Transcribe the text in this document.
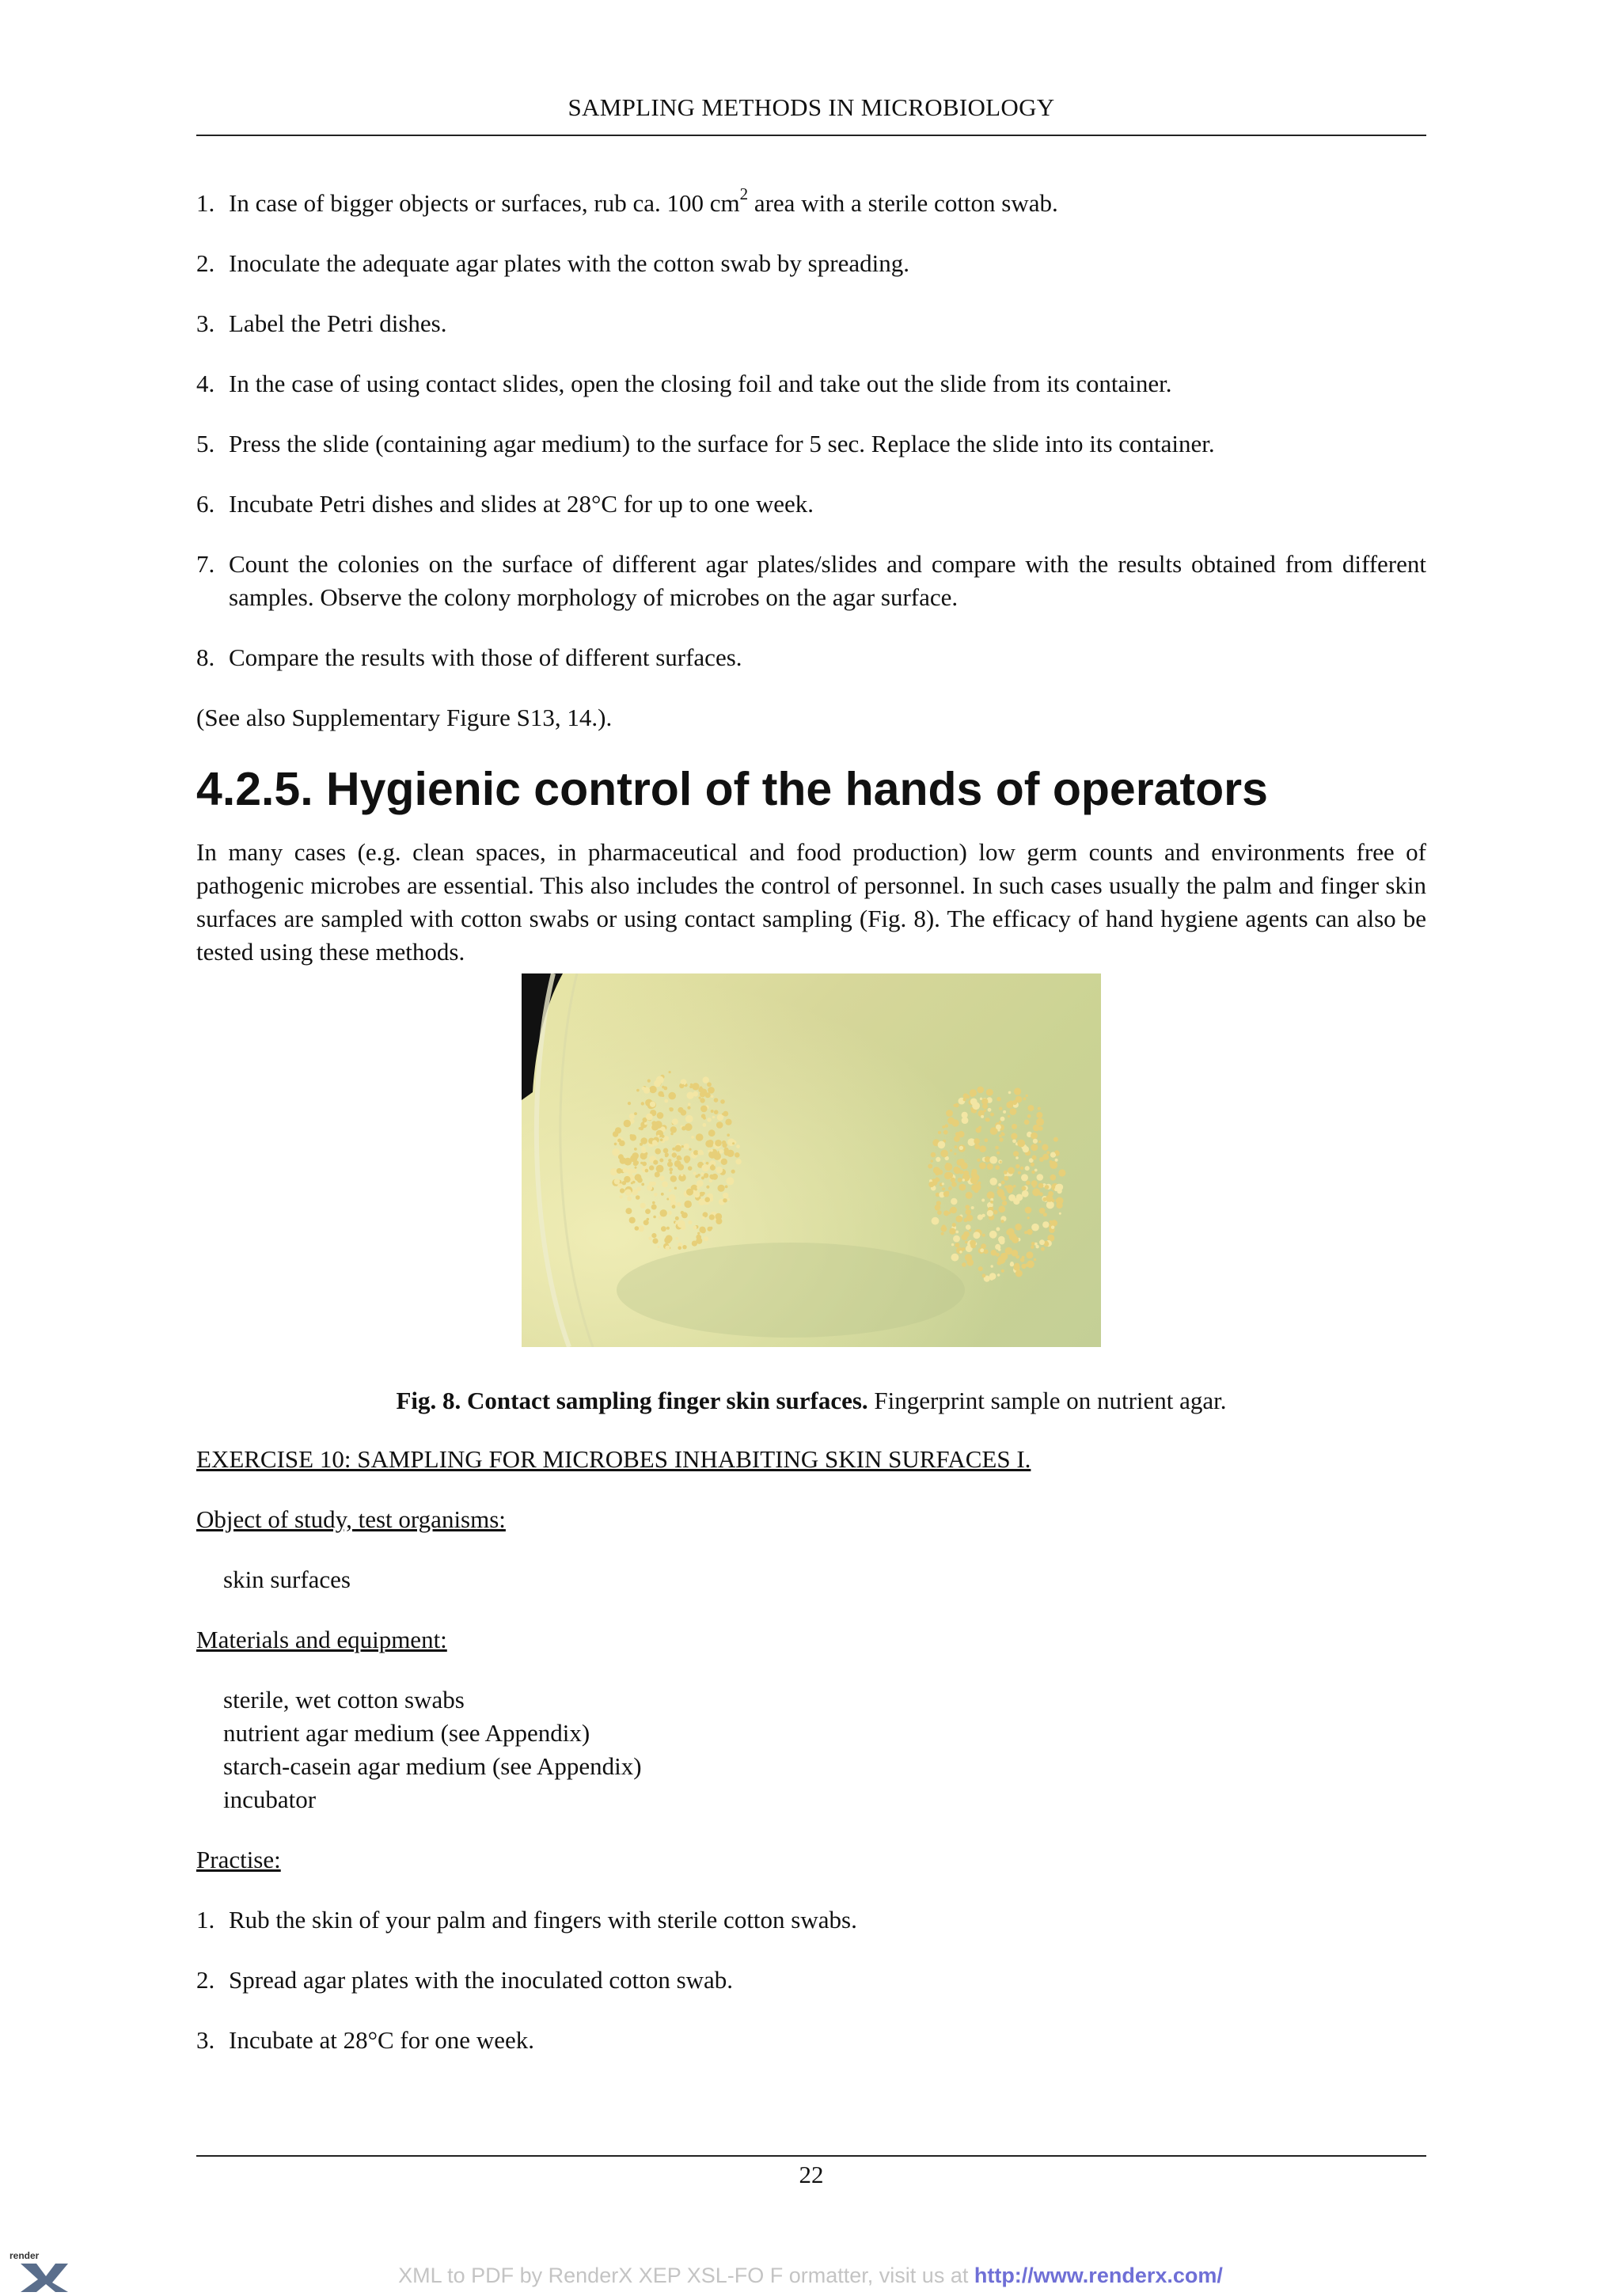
SAMPLING METHODS IN MICROBIOLOGY
1. In case of bigger objects or surfaces, rub ca. 100 $cm^2$ area with a sterile cotton swab.
2. Inoculate the adequate agar plates with the cotton swab by spreading.
3. Label the Petri dishes.
4. In the case of using contact slides, open the closing foil and take out the slide from its container.
5. Press the slide (containing agar medium) to the surface for 5 sec. Replace the slide into its container.
6. Incubate Petri dishes and slides at 28°C for up to one week.
7. Count the colonies on the surface of different agar plates/slides and compare with the results obtained from different samples. Observe the colony morphology of microbes on the agar surface.
8. Compare the results with those of different surfaces.

(See also Supplementary Figure S13, 14.).

4.2.5. Hygienic control of the hands of operators

In many cases (e.g. clean spaces, in pharmaceutical and food production) low germ counts and environments free of pathogenic microbes are essential. This also includes the control of personnel. In such cases usually the palm and finger skin surfaces are sampled with cotton swabs or using contact sampling (Fig. 8). The efficacy of hand hygiene agents can also be tested using these methods.

Fig. 8. Contact sampling finger skin surfaces. Fingerprint sample on nutrient agar.

EXERCISE 10: SAMPLING FOR MICROBES INHABITING SKIN SURFACES I.

Object of study, test organisms:

skin surfaces

Materials and equipment:

sterile, wet cotton swabs
nutrient agar medium (see Appendix)
starch-casein agar medium (see Appendix)
incubator

Practise:

1. Rub the skin of your palm and fingers with sterile cotton swabs.
2. Spread agar plates with the inoculated cotton swab.
3. Incubate at 28°C for one week.
22
render
XML to PDF by RenderX XEP XSL-FO F ormatter, visit us at http://www.renderx.com/
